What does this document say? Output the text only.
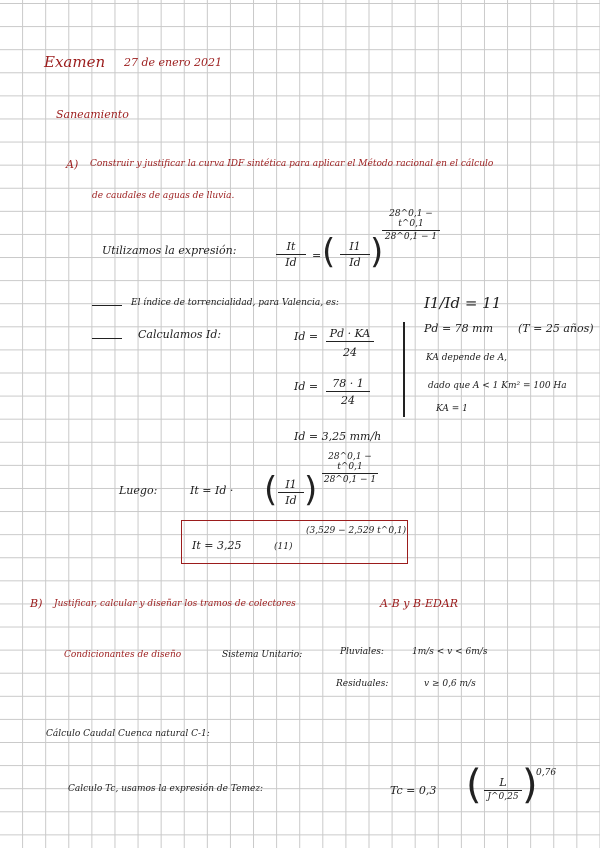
Examen 27 de enero 2021
Saneamiento
A) Construir y justificar la curva IDF sintética para aplicar el Método racional en el cálculo
de caudales de aguas de lluvia.
Utilizamos la expresión:	It
Id
= (	I1
Id )
28^0,1 − t^0,1
28^0,1 − 1
El índice de torrencialidad, para Valencia, es:	I1/Id = 11
Calculamos Id:	Id =	Pd · KA
24
Id =	78 · 1
24
Id = 3,25 mm/h
Pd = 78 mm (T = 25 años)
KA depende de A,
dado que A < 1 Km² = 100 Ha
KA = 1
Luego:	It = Id · ( I1
Id )
28^0,1 − t^0,1
28^0,1 − 1
It = 3,25	(11)
(3,529 − 2,529 t^0,1)
B) Justificar, calcular y diseñar los tramos de colectores	A-B y B-EDAR
Condicionantes de diseño	Sistema Unitario:	Pluviales:	1m/s < v < 6m/s
Residuales:	v ≥ 0,6 m/s
Cálculo Caudal Cuenca natural C-1:
Calculo Tc, usamos la expresión de Temez:	Tc = 0,3 (	L
J^0,25 )
0,76
